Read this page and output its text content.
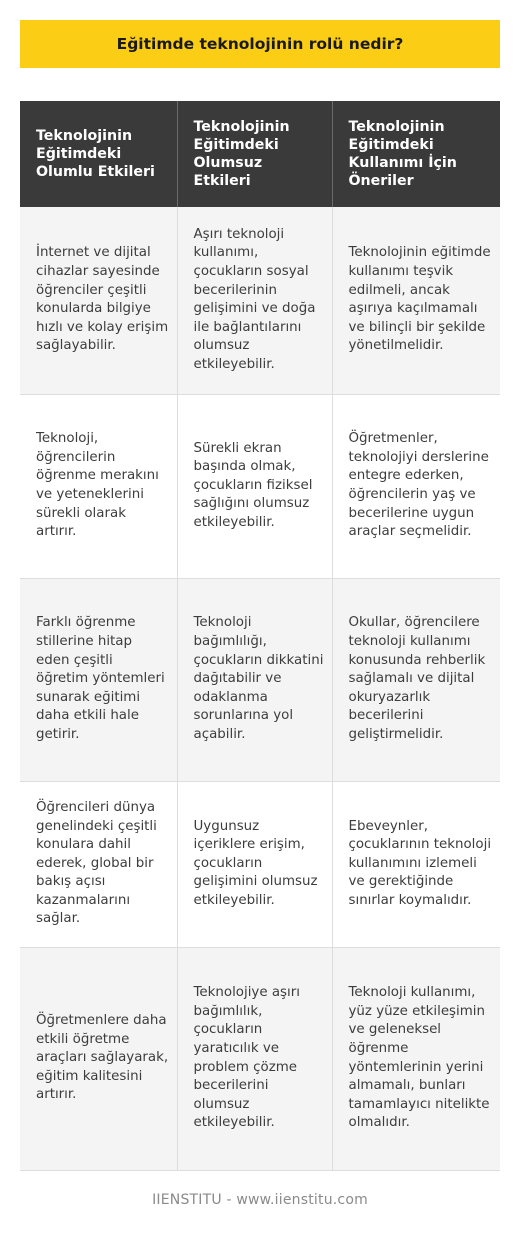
Eğitimde teknolojinin rolü nedir?
Teknolojinin Eğitimdeki Olumlu Etkileri	Teknolojinin Eğitimdeki Olumsuz Etkileri	Teknolojinin Eğitimdeki Kullanımı İçin Öneriler
İnternet ve dijital cihazlar sayesinde öğrenciler çeşitli konularda bilgiye hızlı ve kolay erişim sağlayabilir.	Aşırı teknoloji kullanımı, çocukların sosyal becerilerinin gelişimini ve doğa ile bağlantılarını olumsuz etkileyebilir.	Teknolojinin eğitimde kullanımı teşvik edilmeli, ancak aşırıya kaçılmamalı ve bilinçli bir şekilde yönetilmelidir.
Teknoloji, öğrencilerin öğrenme merakını ve yeteneklerini sürekli olarak artırır.	Sürekli ekran başında olmak, çocukların fiziksel sağlığını olumsuz etkileyebilir.	Öğretmenler, teknolojiyi derslerine entegre ederken, öğrencilerin yaş ve becerilerine uygun araçlar seçmelidir.
Farklı öğrenme stillerine hitap eden çeşitli öğretim yöntemleri sunarak eğitimi daha etkili hale getirir.	Teknoloji bağımlılığı, çocukların dikkatini dağıtabilir ve odaklanma sorunlarına yol açabilir.	Okullar, öğrencilere teknoloji kullanımı konusunda rehberlik sağlamalı ve dijital okuryazarlık becerilerini geliştirmelidir.
Öğrencileri dünya genelindeki çeşitli konulara dahil ederek, global bir bakış açısı kazanmalarını sağlar.	Uygunsuz içeriklere erişim, çocukların gelişimini olumsuz etkileyebilir.	Ebeveynler, çocuklarının teknoloji kullanımını izlemeli ve gerektiğinde sınırlar koymalıdır.
Öğretmenlere daha etkili öğretme araçları sağlayarak, eğitim kalitesini artırır.	Teknolojiye aşırı bağımlılık, çocukların yaratıcılık ve problem çözme becerilerini olumsuz etkileyebilir.	Teknoloji kullanımı, yüz yüze etkileşimin ve geleneksel öğrenme yöntemlerinin yerini almamalı, bunları tamamlayıcı nitelikte olmalıdır.
IIENSTITU - www.iienstitu.com
